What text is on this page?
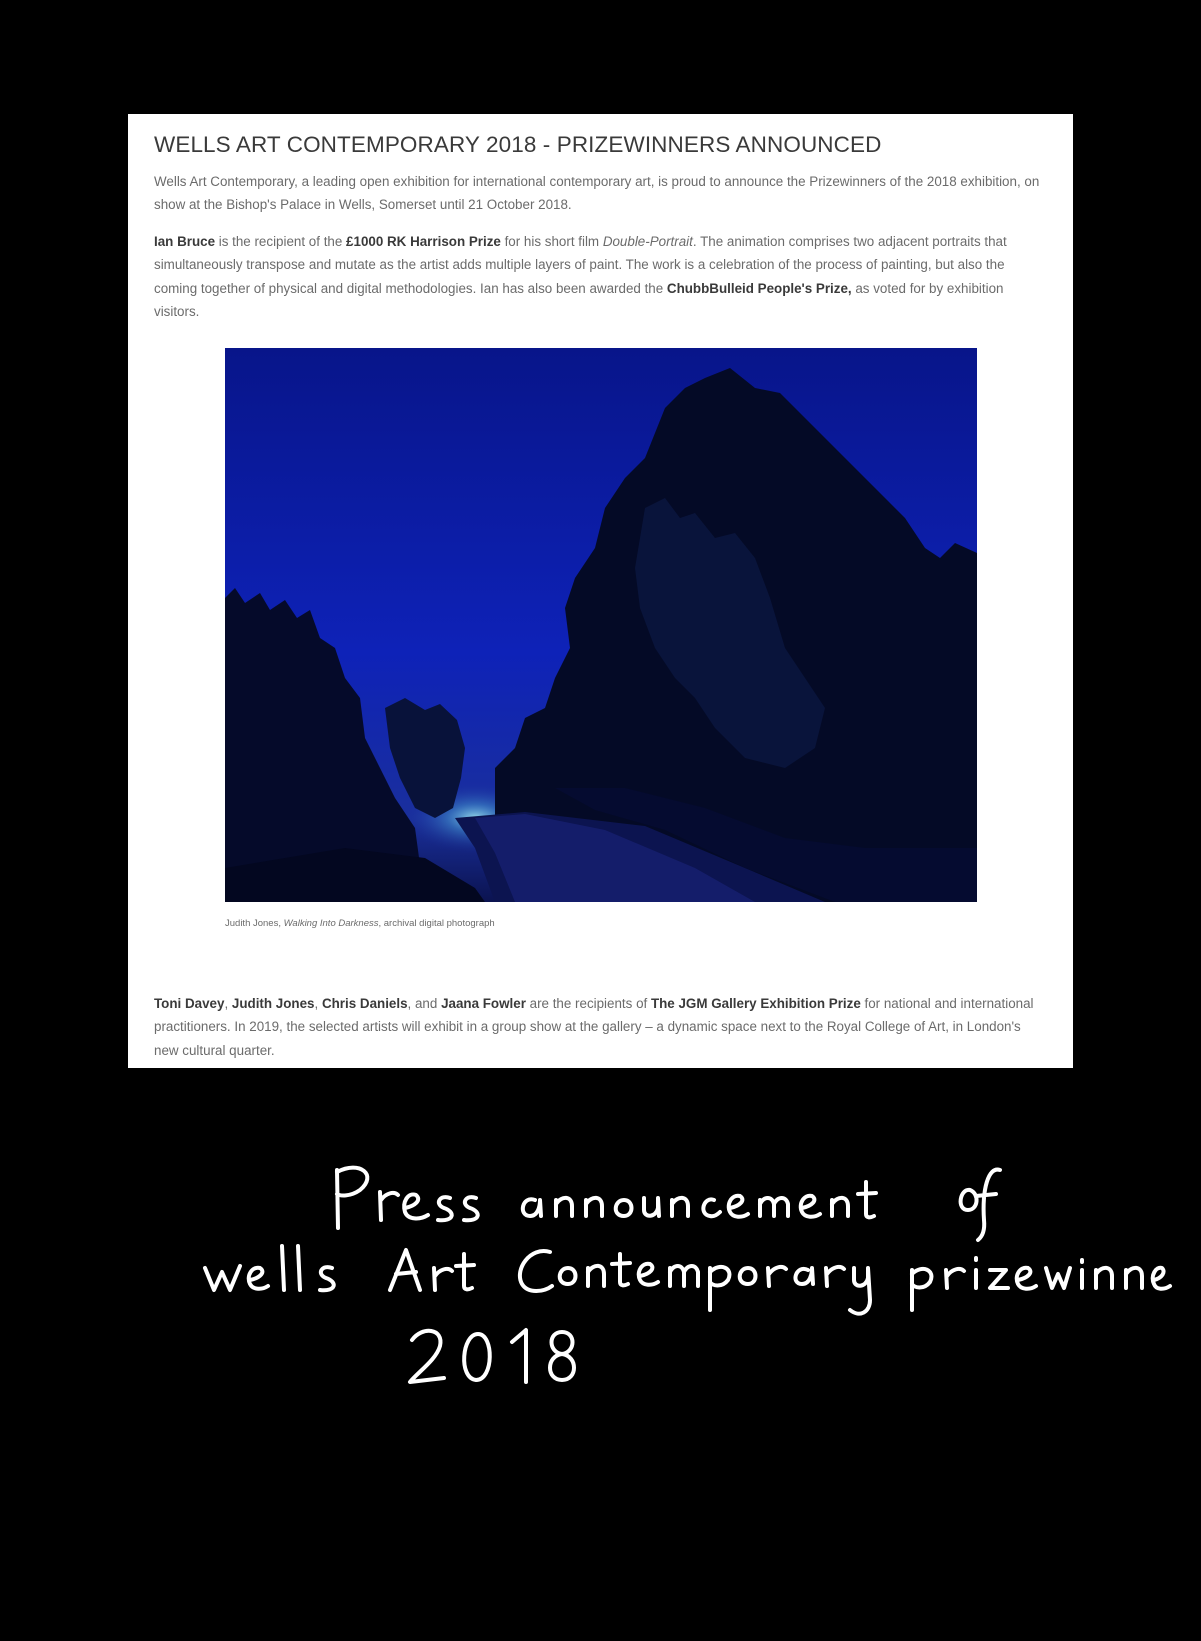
WELLS ART CONTEMPORARY 2018 - PRIZEWINNERS ANNOUNCED

Wells Art Contemporary, a leading open exhibition for international contemporary art, is proud to announce the Prizewinners of the 2018 exhibition, on show at the Bishop's Palace in Wells, Somerset until 21 October 2018.

Ian Bruce is the recipient of the £1000 RK Harrison Prize for his short film Double-Portrait. The animation comprises two adjacent portraits that simultaneously transpose and mutate as the artist adds multiple layers of paint. The work is a celebration of the process of painting, but also the coming together of physical and digital methodologies. Ian has also been awarded the ChubbBulleid People's Prize, as voted for by exhibition visitors.

Judith Jones, Walking Into Darkness, archival digital photograph

Toni Davey, Judith Jones, Chris Daniels, and Jaana Fowler are the recipients of The JGM Gallery Exhibition Prize for national and international practitioners. In 2019, the selected artists will exhibit in a group show at the gallery – a dynamic space next to the Royal College of Art, in London's new cultural quarter.
